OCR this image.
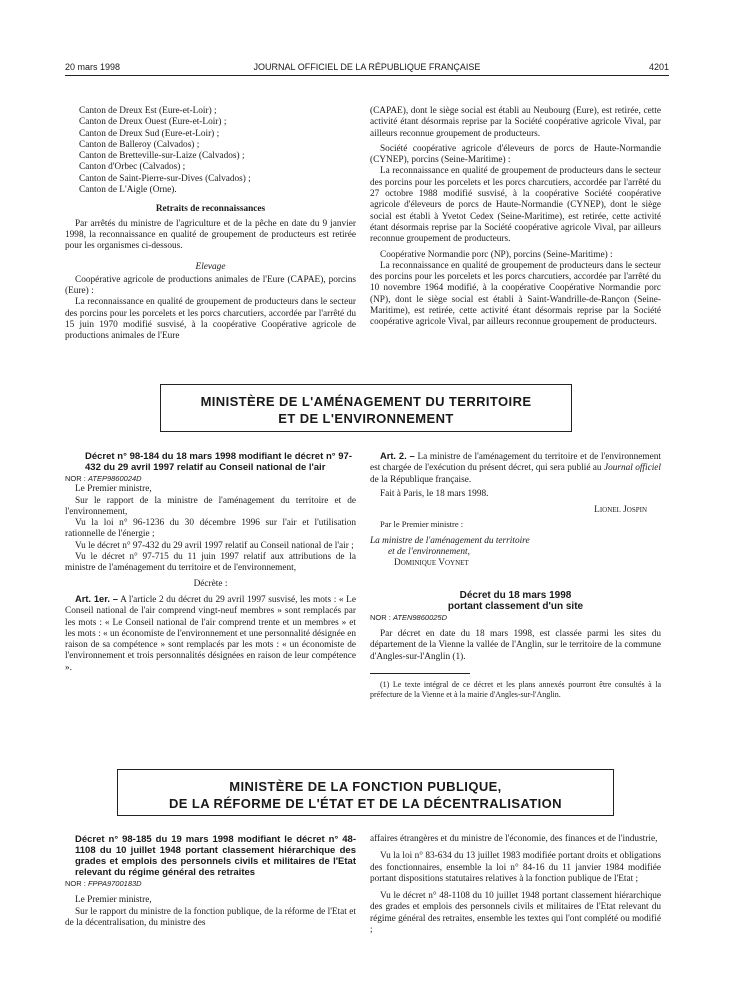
20 mars 1998	JOURNAL OFFICIEL DE LA RÉPUBLIQUE FRANÇAISE	4201

Canton de Dreux Est (Eure-et-Loir) ;

Canton de Dreux Ouest (Eure-et-Loir) ;

Canton de Dreux Sud (Eure-et-Loir) ;

Canton de Balleroy (Calvados) ;

Canton de Bretteville-sur-Laize (Calvados) ;

Canton d'Orbec (Calvados) ;

Canton de Saint-Pierre-sur-Dives (Calvados) ;

Canton de L'Aigle (Orne).

Retraits de reconnaissances

Par arrêtés du ministre de l'agriculture et de la pêche en date du 9 janvier 1998, la reconnaissance en qualité de groupement de producteurs est retirée pour les organismes ci-dessous.

Elevage

Coopérative agricole de productions animales de l'Eure (CAPAE), porcins (Eure) :

La reconnaissance en qualité de groupement de producteurs dans le secteur des porcins pour les porcelets et les porcs charcutiers, accordée par l'arrêté du 15 juin 1970 modifié susvisé, à la coopérative Coopérative agricole de productions animales de l'Eure

(CAPAE), dont le siège social est établi au Neubourg (Eure), est retirée, cette activité étant désormais reprise par la Société coopérative agricole Vival, par ailleurs reconnue groupement de producteurs.

Société coopérative agricole d'éleveurs de porcs de Haute-Normandie (CYNEP), porcins (Seine-Maritime) :

La reconnaissance en qualité de groupement de producteurs dans le secteur des porcins pour les porcelets et les porcs charcutiers, accordée par l'arrêté du 27 octobre 1988 modifié susvisé, à la coopérative Société coopérative agricole d'éleveurs de porcs de Haute-Normandie (CYNEP), dont le siège social est établi à Yvetot Cedex (Seine-Maritime), est retirée, cette activité étant désormais reprise par la Société coopérative agricole Vival, par ailleurs reconnue groupement de producteurs.

Coopérative Normandie porc (NP), porcins (Seine-Maritime) :

La reconnaissance en qualité de groupement de producteurs dans le secteur des porcins pour les porcelets et les porcs charcutiers, accordée par l'arrêté du 10 novembre 1964 modifié, à la coopérative Coopérative Normandie porc (NP), dont le siège social est établi à Saint-Wandrille-de-Rançon (Seine-Maritime), est retirée, cette activité étant désormais reprise par la Société coopérative agricole Vival, par ailleurs reconnue groupement de producteurs.

MINISTÈRE DE L'AMÉNAGEMENT DU TERRITOIRE
ET DE L'ENVIRONNEMENT

Décret n° 98-184 du 18 mars 1998 modifiant le décret n° 97-432 du 29 avril 1997 relatif au Conseil national de l'air

NOR : ATEP9860024D

Le Premier ministre,

Sur le rapport de la ministre de l'aménagement du territoire et de l'environnement,

Vu la loi n° 96-1236 du 30 décembre 1996 sur l'air et l'utilisation rationnelle de l'énergie ;

Vu le décret n° 97-432 du 29 avril 1997 relatif au Conseil national de l'air ;

Vu le décret n° 97-715 du 11 juin 1997 relatif aux attributions de la ministre de l'aménagement du territoire et de l'environnement,

Décrète :

Art. 1er. – A l'article 2 du décret du 29 avril 1997 susvisé, les mots : « Le Conseil national de l'air comprend vingt-neuf membres » sont remplacés par les mots : « Le Conseil national de l'air comprend trente et un membres » et les mots : « un économiste de l'environnement et une personnalité désignée en raison de sa compétence » sont remplacés par les mots : « un économiste de l'environnement et trois personnalités désignées en raison de leur compétence ».

Art. 2. – La ministre de l'aménagement du territoire et de l'environnement est chargée de l'exécution du présent décret, qui sera publié au Journal officiel de la République française.

Fait à Paris, le 18 mars 1998.

Lionel Jospin

Par le Premier ministre :

La ministre de l'aménagement du territoire

et de l'environnement,

Dominique Voynet

Décret du 18 mars 1998

portant classement d'un site

NOR : ATEN9860025D

Par décret en date du 18 mars 1998, est classée parmi les sites du département de la Vienne la vallée de l'Anglin, sur le territoire de la commune d'Angles-sur-l'Anglin (1).

(1) Le texte intégral de ce décret et les plans annexés pourront être consultés à la préfecture de la Vienne et à la mairie d'Angles-sur-l'Anglin.

MINISTÈRE DE LA FONCTION PUBLIQUE,
DE LA RÉFORME DE L'ÉTAT ET DE LA DÉCENTRALISATION

Décret n° 98-185 du 19 mars 1998 modifiant le décret n° 48-1108 du 10 juillet 1948 portant classement hiérarchique des grades et emplois des personnels civils et militaires de l'Etat relevant du régime général des retraites

NOR : FPPA9700183D

Le Premier ministre,

Sur le rapport du ministre de la fonction publique, de la réforme de l'Etat et de la décentralisation, du ministre des

affaires étrangères et du ministre de l'économie, des finances et de l'industrie,

Vu la loi n° 83-634 du 13 juillet 1983 modifiée portant droits et obligations des fonctionnaires, ensemble la loi n° 84-16 du 11 janvier 1984 modifiée portant dispositions statutaires relatives à la fonction publique de l'Etat ;

Vu le décret n° 48-1108 du 10 juillet 1948 portant classement hiérarchique des grades et emplois des personnels civils et militaires de l'Etat relevant du régime général des retraites, ensemble les textes qui l'ont complété ou modifié ;
